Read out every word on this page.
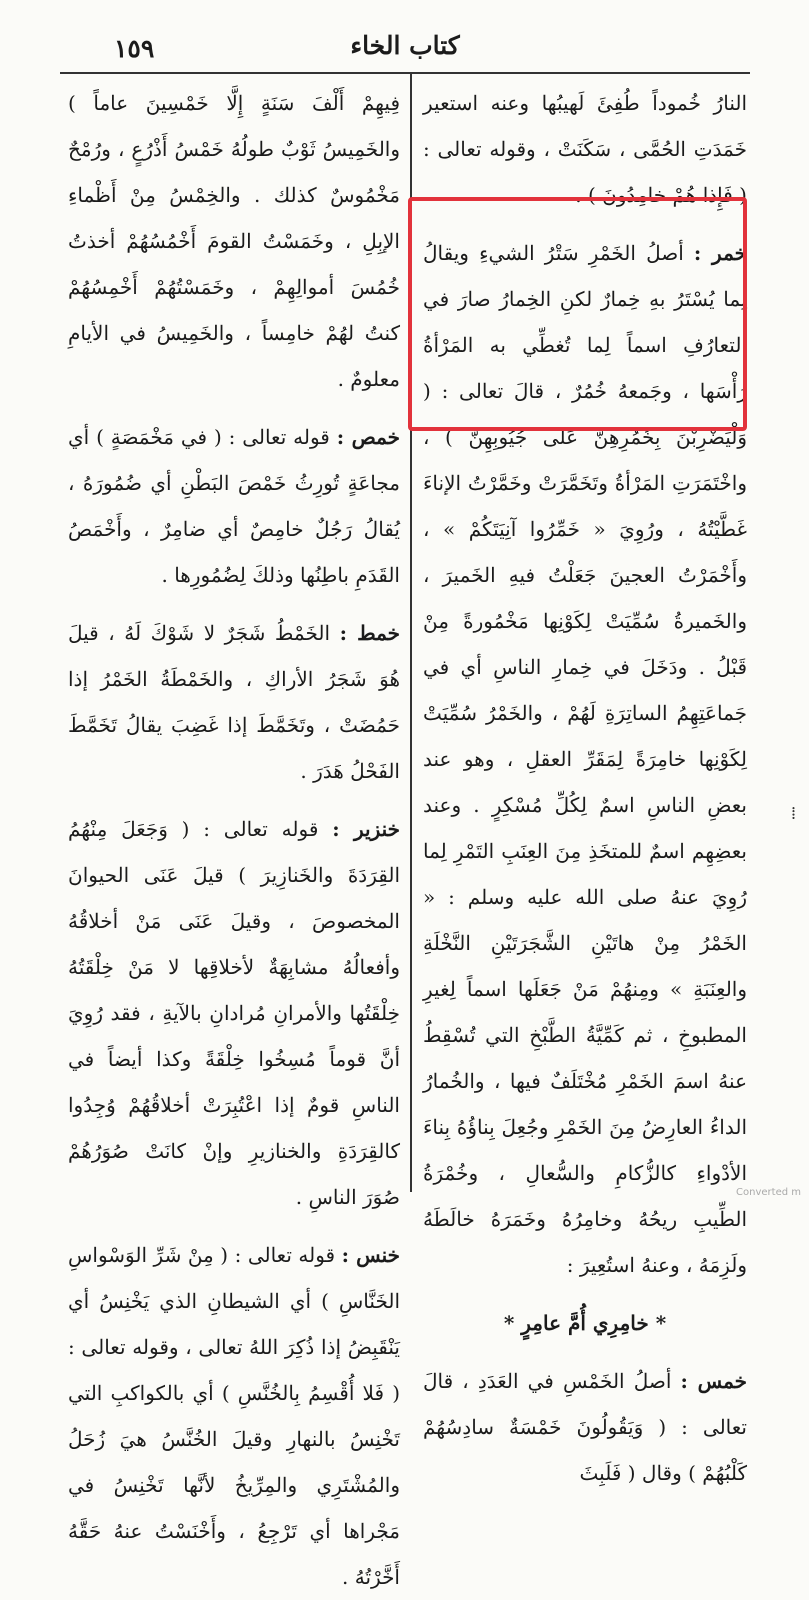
١٥٩	كتاب الخاء

النارُ خُموداً طُفِئَ لَهيبُها وعنه استعير خَمَدَتِ الحُمَّى ، سَكَنَتْ ، وقوله تعالى : ( فَإِذا هُمْ خامِدُونَ ) .

خمر : أصلُ الخَمْرِ سَتْرُ الشيءِ ويقالُ لِما يُسْتَرُ بهِ خِمارٌ لكنِ الخِمارُ صارَ في التعارُفِ اسماً لِما تُغطِّي به المَرْأةُ رَأْسَها ، وجَمعهُ خُمُرٌ ، قالَ تعالى : ( وَلْيَضْرِبْنَ بِخُمُرِهِنَّ عَلى جُيُوبِهِنَّ ) ، واخْتَمَرَتِ المَرْأةُ وتَخَمَّرَتْ وخَمَّرْتُ الإناءَ غَطَّيْتُهُ ، ورُوِيَ « خَمِّرُوا آنِيَتَكُمْ » ، وأَخْمَرْتُ العجينَ جَعَلْتُ فيهِ الخَميرَ ، والخَميرةُ سُمِّيَتْ لِكَوْنِها مَخْمُورةً مِنْ قَبْلُ . ودَخَلَ في خِمارِ الناسِ أي في جَماعَتِهِمُ الساتِرَةِ لَهُمْ ، والخَمْرُ سُمِّيَتْ لِكَوْنِها خامِرَةً لِمَقَرِّ العقلِ ، وهو عند بعضِ الناسِ اسمٌ لِكُلِّ مُسْكِرٍ . وعند بعضِهِم اسمٌ للمتخَذِ مِنَ العِنَبِ التَمْرِ لِما رُوِيَ عنهُ صلى الله عليه وسلم : « الخَمْرُ مِنْ هاتَيْنِ الشَّجَرَتَيْنِ النَّخْلَةِ والعِنَبَةِ » ومِنهُمْ مَنْ جَعَلَها اسماً لِغيرِ المطبوخِ ، ثم كَمِّيَّةُ الطَّبْخِ التي تُسْقِطُ عنهُ اسمَ الخَمْرِ مُخْتَلَفٌ فيها ، والخُمارُ الداءُ العارِضُ مِنَ الخَمْرِ وجُعِلَ بِناؤُهُ بِناءَ الأدْواءِ كالزُّكامِ والسُّعالِ ، وخُمْرَةُ الطِّيبِ ريحُهُ وخامِرُهُ وخَمَرَهُ خالَطَهُ ولَزِمَهُ ، وعنهُ استُعِيرَ :

* خامِرِي أُمَّ عامِرٍ *

خمس : أصلُ الخَمْسِ في العَدَدِ ، قالَ تعالى : ( وَيَقُولُونَ خَمْسَةٌ سادِسُهُمْ كَلْبُهُمْ ) وقال ( فَلَبِثَ

فِيهِمْ أَلْفَ سَنَةٍ إِلَّا خَمْسِينَ عاماً ) والخَمِيسُ ثَوْبٌ طولُهُ خَمْسُ أَذْرُعٍ ، ورُمْحٌ مَخْمُوسٌ كذلك . والخِمْسُ مِنْ أَظْماءِ الإبِلِ ، وخَمَسْتُ القومَ أَخْمُسُهُمْ أخذتُ خُمُسَ أموالِهِمْ ، وخَمَسْتُهُمْ أَخْمِسُهُمْ كنتُ لهُمْ خامِساً ، والخَمِيسُ في الأيامِ معلومٌ .

خمص : قوله تعالى : ( في مَخْمَصَةٍ ) أي مجاعَةٍ تُورِثُ خَمْصَ البَطْنِ أي ضُمُورَهُ ، يُقالُ رَجُلٌ خامِصٌ أي ضامِرٌ ، وأَخْمَصُ القَدَمِ باطِنُها وذلكَ لِضُمُورِها .

خمط : الخَمْطُ شَجَرٌ لا شَوْكَ لَهُ ، قيلَ هُوَ شَجَرُ الأراكِ ، والخَمْطَةُ الخَمْرُ إذا حَمُضَتْ ، وتَخَمَّطَ إذا غَضِبَ يقالُ تَخَمَّطَ الفَحْلُ هَدَرَ .

خنزير : قوله تعالى : ( وَجَعَلَ مِنْهُمُ القِرَدَةَ والخَنازِيرَ ) قيلَ عَنَى الحيوانَ المخصوصَ ، وقيلَ عَنَى مَنْ أخلاقُهُ وأفعالُهُ مشابِهَةٌ لأخلاقِها لا مَنْ خِلْقَتُهُ خِلْقَتُها والأمرانِ مُرادانِ بالآيةِ ، فقد رُوِيَ أنَّ قوماً مُسِخُوا خِلْقَةً وكذا أيضاً في الناسِ قومٌ إذا اعْتُبِرَتْ أخلاقُهُمْ وُجِدُوا كالقِرَدَةِ والخنازيرِ وإنْ كانَتْ صُوَرُهُمْ صُوَرَ الناسِ .

خنس : قوله تعالى : ( مِنْ شَرِّ الوَسْواسِ الخَنَّاسِ ) أي الشيطانِ الذي يَخْنِسُ أي يَنْقَبِضُ إذا ذُكِرَ اللهُ تعالى ، وقوله تعالى : ( فَلا أُقْسِمُ بِالخُنَّسِ ) أي بالكواكبِ التي تَخْنِسُ بالنهارِ وقيلَ الخُنَّسُ هيَ زُحَلُ والمُشْتَرِي والمِرِّيخُ لأنَّها تَخْنِسُ في مَجْراها أي تَرْجِعُ ، وأَخْنَسْتُ عنهُ حَقَّهُ أَخَّرْتُهُ .

⁞
Converted m
